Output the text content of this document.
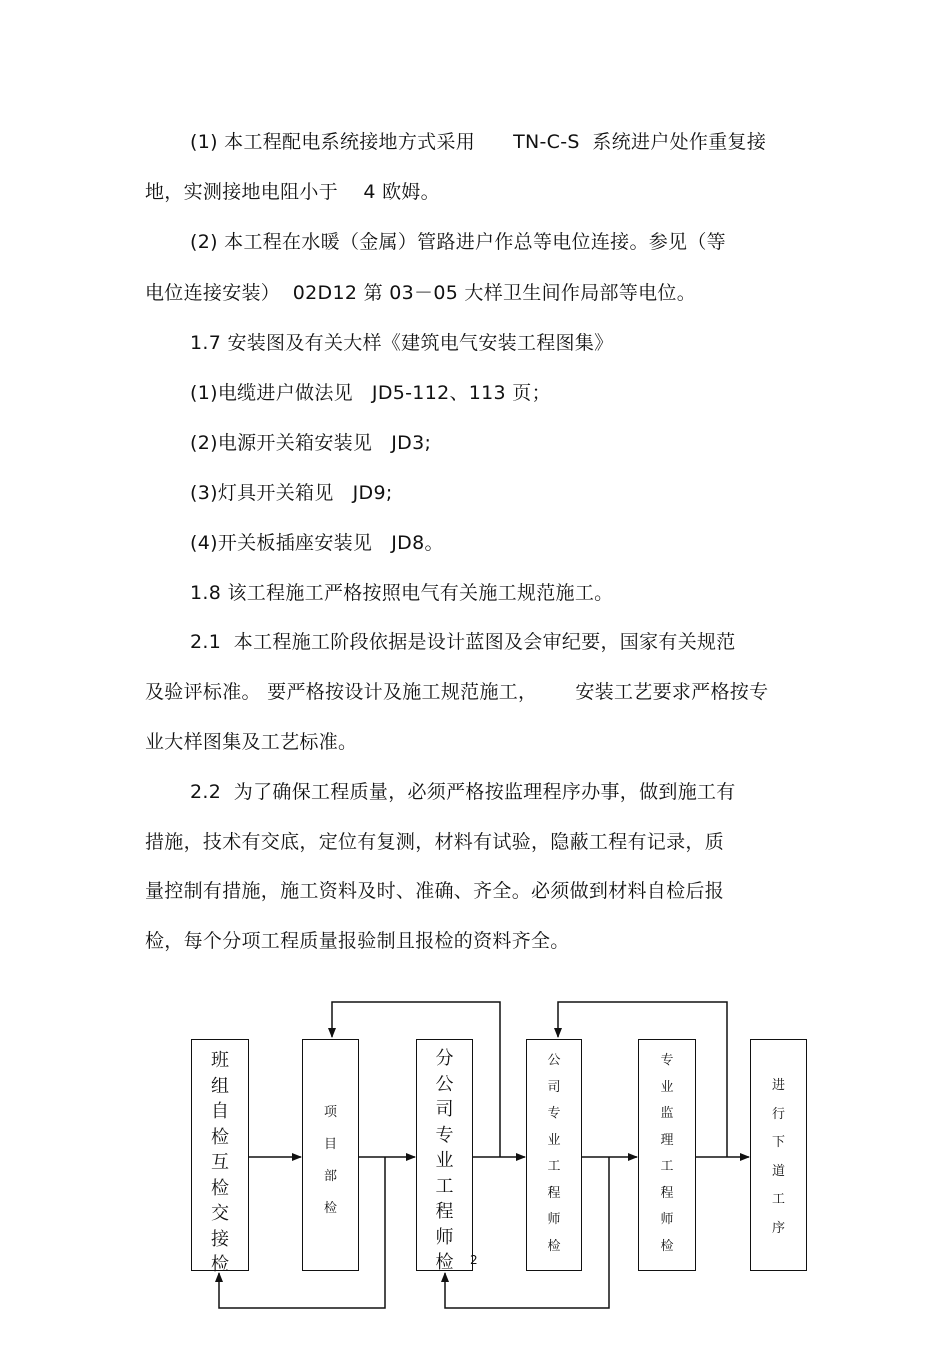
(1) 本工程配电系统接地方式采用      TN-C-S  系统进户处作重复接
地，实测接地电阻小于    4 欧姆。
(2) 本工程在水暖（金属）管路进户作总等电位连接。参见（等
电位连接安装）  02D12 第 03－05 大样卫生间作局部等电位。
1.7 安装图及有关大样《建筑电气安装工程图集》
(1)电缆进户做法见   JD5-112、113 页；
(2)电源开关箱安装见   JD3;
(3)灯具开关箱见   JD9;
(4)开关板插座安装见   JD8。
1.8 该工程施工严格按照电气有关施工规范施工。
2.1  本工程施工阶段依据是设计蓝图及会审纪要，国家有关规范
及验评标准。 要严格按设计及施工规范施工，      安装工艺要求严格按专
业大样图集及工艺标准。
2.2  为了确保工程质量，必须严格按监理程序办事，做到施工有
措施，技术有交底，定位有复测，材料有试验，隐蔽工程有记录，质
量控制有措施，施工资料及时、准确、齐全。必须做到材料自检后报
检，每个分项工程质量报验制且报检的资料齐全。
班
组
自
检
互
检
交
接
检
项
目
部
检
分
公
司
专
业
工
程
师
检
公
司
专
业
工
程
师
检
专
业
监
理
工
程
师
检
进
行
下
道
工
序
2
